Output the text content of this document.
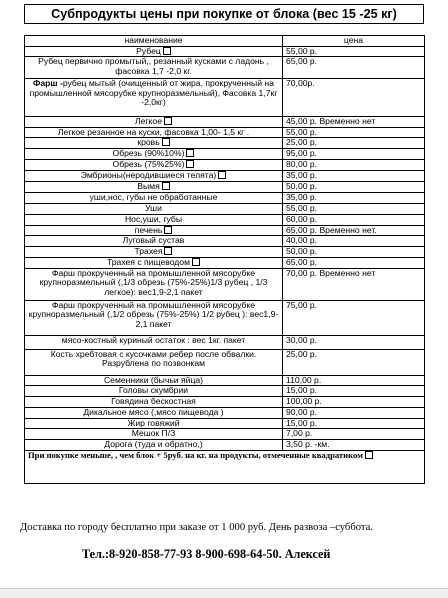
Субпродукты цены при покупке от блока (вес 15 -25 кг)
наименование	цена
Рубец	55,00 р.
Рубец первично промытый,, резанный кусками с ладонь , фасовка 1,7 -2,0 кг.	65,00 р.
Фарш -рубец мытый (очищенный от жира, прокрученный на промышленной мясорубке крупноразмельный), Фасовка 1,7кг -2,0кг)	70,00р.
Легкое	45,00 р. Временно нет
Легкое резанное на куски, фасовка 1,00- 1,5 кг .	55,00 р.
кровь	25,00 р.
Обрезь (90%10%)	95,00 р.
Обрезь (75%25%)	80,00 р.
Эмбрионы(неродившиеся телята)	35,00 р.
Вымя	50,00 р.
уши,нос, губы не обработанные	35,00 р.
Уши	55,00 р.
Нос,уши, губы	60,00 р.
печень	65,00 р. Временно нет.
Луговый сустав	40,00 р.
Трахея	50,00 р.
Трахея с пищеводом	65,00 р.
Фарш прокрученный на промышленной мясорубке крупноразмельный (,1/3 обрезь (75%-25%)1/3 рубец , 1/3 легкое): вес1,9-2,1 пакет	70,00 р. Временно нет
Фарш прокрученный на промышленной мясорубке крупноразмельный (,1/2 обрезь (75%-25%) 1/2 рубец ): вес1,9-2,1 пакет	75,00 р.
мясо-костный куриный остаток : вес 1кг. пакет	30,00 р.
Кость хребтовая с кусочками ребер после обвалки. Разрублена по позвонкам	25,00 р.
Семенники (бычьи яйца)	110,00 р.
Головы скумбрии	15,00 р.
Говядина бескостная	100,00 р.
Дикальное мясо (,мясо пищевода )	90,00 р.
Жир говяжий	15,00 р.
Мешок П/З	7,00 р.
Дорога (туда и обратно,)	3,50 р. -км.
При покупке меньше, , чем блок + 5руб. на кг. на продукты, отмеченные квадратиком	
Доставка по городу бесплатно при заказе от 1 000 руб. День развоза –суббота.
Тел.:8-920-858-77-93 8-900-698-64-50. Алексей
